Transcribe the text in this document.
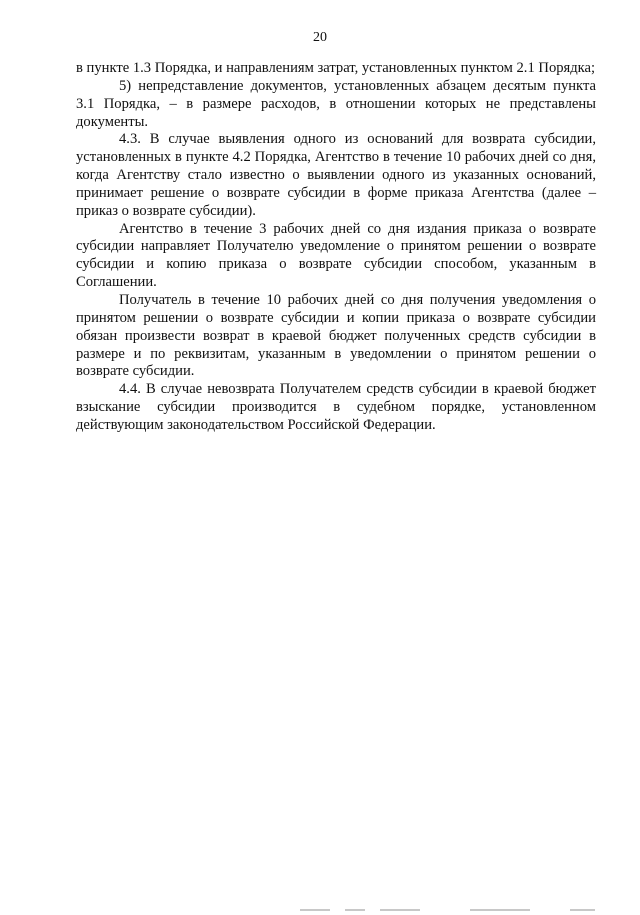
20

в пункте 1.3 Порядка, и направлениям затрат, установленных пунктом 2.1 Порядка;

5) непредставление документов, установленных абзацем десятым пункта 3.1 Порядка, – в размере расходов, в отношении которых не представлены документы.

4.3. В случае выявления одного из оснований для возврата субсидии, установленных в пункте 4.2 Порядка, Агентство в течение 10 рабочих дней со дня, когда Агентству стало известно о выявлении одного из указанных оснований, принимает решение о возврате субсидии в форме приказа Агентства (далее – приказ о возврате субсидии).

Агентство в течение 3 рабочих дней со дня издания приказа о возврате субсидии направляет Получателю уведомление о принятом решении о возврате субсидии и копию приказа о возврате субсидии способом, указанным в Соглашении.

Получатель в течение 10 рабочих дней со дня получения уведомления о принятом решении о возврате субсидии и копии приказа о возврате субсидии обязан произвести возврат в краевой бюджет полученных средств субсидии в размере и по реквизитам, указанным в уведомлении о принятом решении о возврате субсидии.

4.4. В случае невозврата Получателем средств субсидии в краевой бюджет взыскание субсидии производится в судебном порядке, установленном действующим законодательством Российской Федерации.
